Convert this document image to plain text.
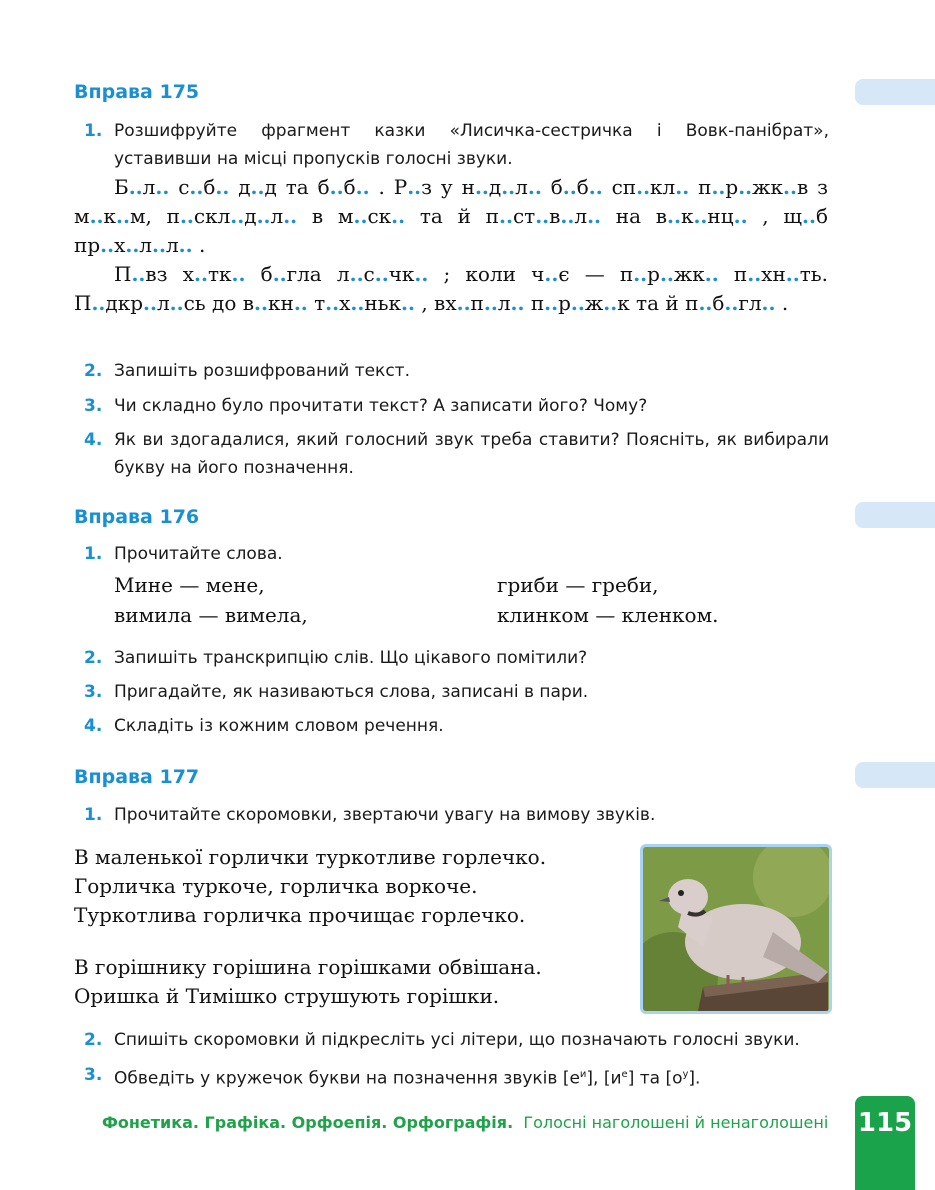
Вправа 175
1. Розшифруйте фрагмент казки «Лисичка-сестричка і Вовк-панібрат», уставивши на місці пропусків голосні звуки.

Б..л.. с..б.. д..д та б..б.. . Р..з у н..д..л.. б..б.. сп..кл.. п..р..жк..в з м..к..м, п..скл..д..л.. в м..ск.. та й п..ст..в..л.. на в..к..нц.. , щ..б пр..х..л..л.. .

П..вз х..тк.. б..гла л..с..чк.. ; коли ч..є — п..р..жк.. п..хн..ть. П..дкр..л..сь до в..кн.. т..х..ньк.. , вх..п..л.. п..р..ж..к та й п..б..гл.. .

2. Запишіть розшифрований текст.
3. Чи складно було прочитати текст? А записати його? Чому?
4. Як ви здогадалися, який голосний звук треба ставити? Поясніть, як вибирали букву на його позначення.
Вправа 176
1. Прочитайте слова.
Мине — мене,
вимила — вимела,
гриби — греби,
клинком — кленком.
2. Запишіть транскрипцію слів. Що цікавого помітили?
3. Пригадайте, як називаються слова, записані в пари.
4. Складіть із кожним словом речення.
Вправа 177
1. Прочитайте скоромовки, звертаючи увагу на вимову звуків.

В маленької горлички туркотливе горлечко.

Горличка туркоче, горличка воркоче.

Туркотлива горличка прочищає горлечко.

В горішнику горішина горішками обвішана.

Оришка й Тимішко струшують горішки.

2. Спишіть скоромовки й підкресліть усі літери, що позначають голосні звуки.
3. Обведіть у кружечок букви на позначення звуків $[е^и]$, $[и^е]$ та $[о^у]$.
Фонетика. Графіка. Орфоепія. Орфографія. Голосні наголошені й ненаголошені 115
